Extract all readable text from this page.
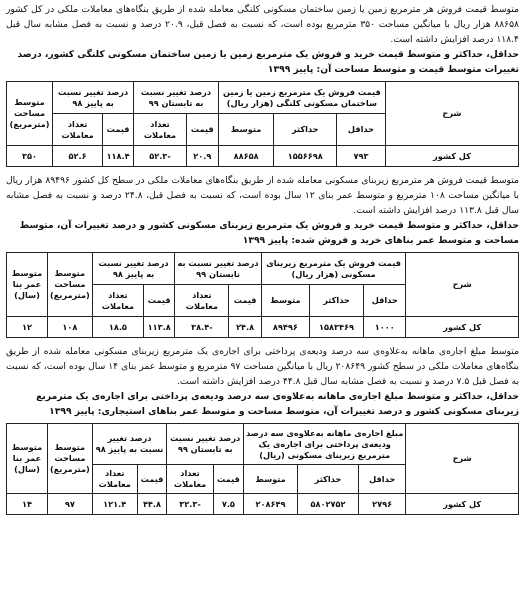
متوسط قیمت فروش هر مترمربع زمین یا زمین ساختمان مسکونی کلنگی معامله شده از طریق بنگاه‌های معاملات ملکی در کل کشور ۸۸۶۵۸ هزار ریال با میانگین مساحت ۳۵۰ مترمربع بوده است، که نسبت به فصل قبل، ۲۰.۹ درصد و نسبت به فصل مشابه سال قبل ۱۱۸.۴ درصد افزایش داشته است.

حداقل، حداکثر و متوسط قیمت خرید و فروش یک مترمربع زمین یا زمین ساختمان مسکونی کلنگی کشور، درصد تغییرات متوسط قیمت و متوسط مساحت آن: پاییز ۱۳۹۹

شرح	قیمت فروش یک مترمربع زمین یا زمین ساختمان مسکونی کلنگی (هزار ریال)			درصد تغییر نسبت به تابستان ۹۹		درصد تغییر نسبت به پاییز ۹۸		متوسط مساحت (مترمربع)
	حداقل	حداکثر	متوسط	قیمت	تعداد معاملات	قیمت	تعداد معاملات	
کل کشور	۷۹۳	۱۵۵۶۶۹۸	۸۸۶۵۸	۲۰.۹	-۵۲.۳	۱۱۸.۴	۵۲.۶	۳۵۰

متوسط قیمت فروش هر مترمربع زیربنای مسکونی معامله شده از طریق بنگاه‌های معاملات ملکی در سطح کل کشور ۸۹۴۹۶ هزار ریال با میانگین مساحت ۱۰۸ مترمربع و متوسط عمر بنای ۱۲ سال بوده است، که نسبت به فصل قبل، ۲۴.۸ درصد و نسبت به فصل مشابه سال قبل ۱۱۳.۸ درصد افزایش داشته است.

حداقل، حداکثر و متوسط قیمت خرید و فروش یک مترمربع زیربنای مسکونی کشور و درصد تغییرات آن، متوسط مساحت و متوسط عمر بناهای خرید و فروش شده: پاییز ۱۳۹۹

شرح	قیمت فروش یک مترمربع زیربنای مسکونی (هزار ریال)			درصد تغییر نسبت به تابستان ۹۹		درصد تغییر نسبت به پاییز ۹۸		متوسط مساحت (مترمربع)	متوسط عمر بنا (سال)
	حداقل	حداکثر	متوسط	قیمت	تعداد معاملات	قیمت	تعداد معاملات		
کل کشور	۱۰۰۰	۱۵۸۳۴۶۹	۸۹۴۹۶	۲۴.۸	-۳۸.۴	۱۱۳.۸	۱۸.۵	۱۰۸	۱۲

متوسط مبلغ اجاره‌ی ماهانه به‌علاوه‌ی سه درصد ودیعه‌ی پرداختی برای اجاره‌ی یک مترمربع زیربنای مسکونی معامله شده از طریق بنگاه‌های معاملات ملکی در سطح کشور ۲۰۸۶۴۹ ریال با میانگین مساحت ۹۷ مترمربع و متوسط عمر بنای ۱۴ سال بوده است، که نسبت به فصل قبل ۷.۵ درصد و نسبت به فصل مشابه سال قبل ۴۴.۸ درصد افزایش داشته است.

حداقل، حداکثر و متوسط مبلغ اجاره‌ی ماهانه به‌علاوه‌ی سه درصد ودیعه‌ی پرداختی برای اجاره‌ی یک مترمربع زیربنای مسکونی کشور و درصد تغییرات آن، متوسط مساحت و متوسط عمر بناهای استیجاری: پاییز ۱۳۹۹

شرح	مبلغ اجاره‌ی ماهانه به‌علاوه‌ی سه درصد ودیعه‌ی پرداختی برای اجاره‌ی یک مترمربع زیربنای مسکونی (ریال)			درصد تغییر نسبت به تابستان ۹۹		درصد تغییر نسبت به پاییز ۹۸		متوسط مساحت (مترمربع)	متوسط عمر بنا (سال)
	حداقل	حداکثر	متوسط	قیمت	تعداد معاملات	قیمت	تعداد معاملات		
کل کشور	۲۷۹۶	۵۸۰۲۷۵۲	۲۰۸۶۴۹	۷.۵	-۳۲.۳	۴۴.۸	۱۲۱.۴	۹۷	۱۴
